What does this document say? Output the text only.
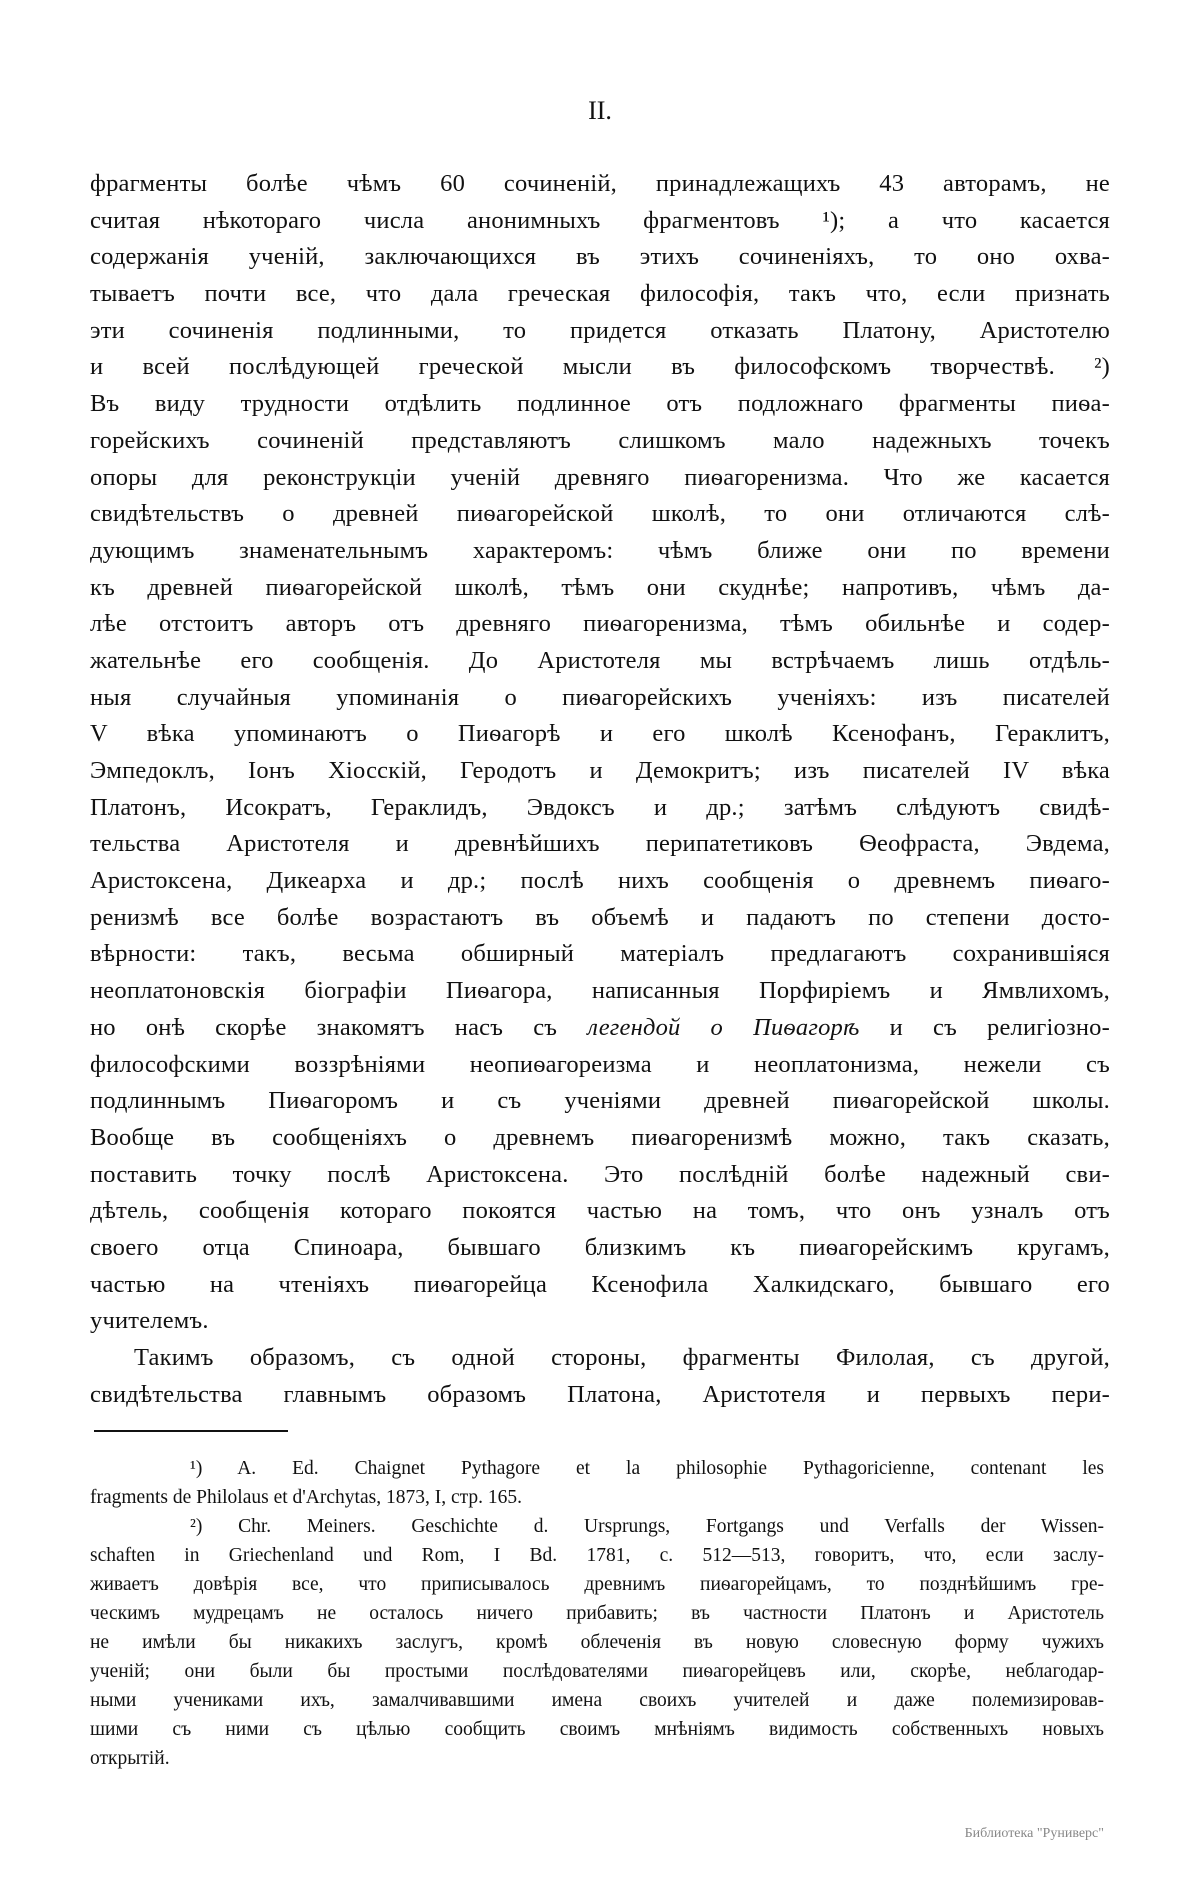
II.
фрагменты болѣе чѣмъ 60 сочиненій, принадлежащихъ 43 авторамъ, не
считая нѣкотораго числа анонимныхъ фрагментовъ ¹); а что касается
содержанія ученій, заключающихся въ этихъ сочиненіяхъ, то оно охва-
тываетъ почти все, что дала греческая философія, такъ что, если признать
эти сочиненія подлинными, то придется отказать Платону, Аристотелю
и всей послѣдующей греческой мысли въ философскомъ творчествѣ. ²)
Въ виду трудности отдѣлить подлинное отъ подложнаго фрагменты пиѳа-
горейскихъ сочиненій представляютъ слишкомъ мало надежныхъ точекъ
опоры для реконструкціи ученій древняго пиѳагоренизма. Что же касается
свидѣтельствъ о древней пиѳагорейской школѣ, то они отличаются слѣ-
дующимъ знаменательнымъ характеромъ: чѣмъ ближе они по времени
къ древней пиѳагорейской школѣ, тѣмъ они скуднѣе; напротивъ, чѣмъ да-
лѣе отстоитъ авторъ отъ древняго пиѳагоренизма, тѣмъ обильнѣе и содер-
жательнѣе его сообщенія. До Аристотеля мы встрѣчаемъ лишь отдѣль-
ныя случайныя упоминанія о пиѳагорейскихъ ученіяхъ: изъ писателей
V вѣка упоминаютъ о Пиѳагорѣ и его школѣ Ксенофанъ, Гераклитъ,
Эмпедоклъ, Іонъ Хіосскій, Геродотъ и Демокритъ; изъ писателей IV вѣка
Платонъ, Исократъ, Гераклидъ, Эвдоксъ и др.; затѣмъ слѣдуютъ свидѣ-
тельства Аристотеля и древнѣйшихъ перипатетиковъ Ѳеофраста, Эвдема,
Аристоксена, Дикеарха и др.; послѣ нихъ сообщенія о древнемъ пиѳаго-
ренизмѣ все болѣе возрастаютъ въ объемѣ и падаютъ по степени досто-
вѣрности: такъ, весьма обширный матеріалъ предлагаютъ сохранившіяся
неоплатоновскія біографіи Пиѳагора, написанныя Порфиріемъ и Ямвлихомъ,
но онѣ скорѣе знакомятъ насъ съ легендой о Пиѳагорѣ и съ религіозно-
философскими воззрѣніями неопиѳагореизма и неоплатонизма, нежели съ
подлиннымъ Пиѳагоромъ и съ ученіями древней пиѳагорейской школы.
Вообще въ сообщеніяхъ о древнемъ пиѳагоренизмѣ можно, такъ сказать,
поставить точку послѣ Аристоксена. Это послѣдній болѣе надежный сви-
дѣтель, сообщенія котораго покоятся частью на томъ, что онъ узналъ отъ
своего отца Спиноара, бывшаго близкимъ къ пиѳагорейскимъ кругамъ,
частью на чтеніяхъ пиѳагорейца Ксенофила Халкидскаго, бывшаго его
учителемъ.
Такимъ образомъ, съ одной стороны, фрагменты Филолая, съ другой,
свидѣтельства главнымъ образомъ Платона, Аристотеля и первыхъ пери-
¹) A. Ed. Chaignet Pythagore et la philosophie Pythagoricienne, contenant les
fragments de Philolaus et d'Archytas, 1873, I, стр. 165.
²) Chr. Meiners. Geschichte d. Ursprungs, Fortgangs und Verfalls der Wissen-
schaften in Griechenland und Rom, I Bd. 1781, c. 512—513, говоритъ, что, если заслу-
живаетъ довѣрія все, что приписывалось древнимъ пиѳагорейцамъ, то позднѣйшимъ гре-
ческимъ мудрецамъ не осталось ничего прибавить; въ частности Платонъ и Аристотель
не имѣли бы никакихъ заслугъ, кромѣ облеченія въ новую словесную форму чужихъ
ученій; они были бы простыми послѣдователями пиѳагорейцевъ или, скорѣе, неблагодар-
ными учениками ихъ, замалчивавшими имена своихъ учителей и даже полемизировав-
шими съ ними съ цѣлью сообщить своимъ мнѣніямъ видимость собственныхъ новыхъ
открытій.
Библиотека "Руниверс"
